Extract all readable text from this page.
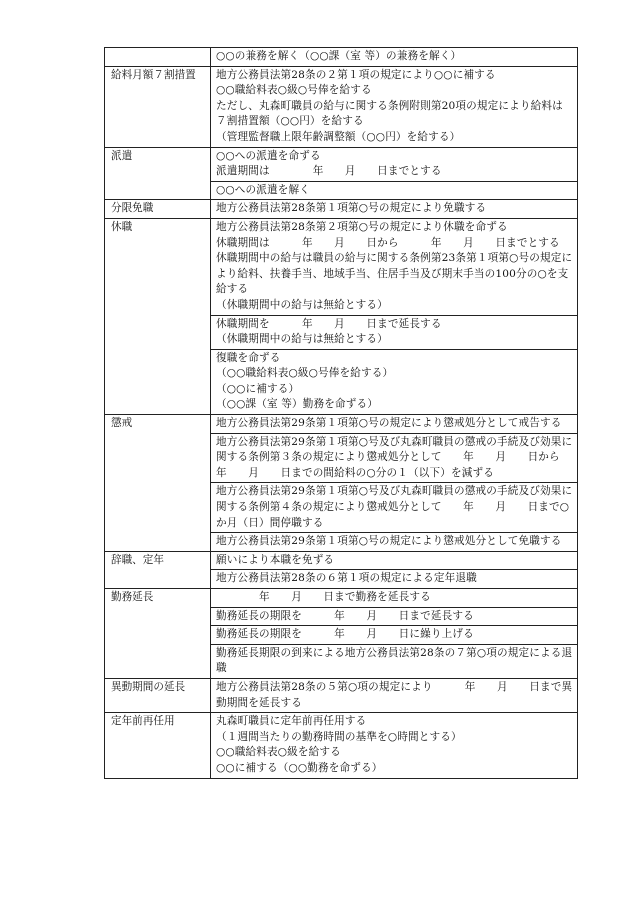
	○○の兼務を解く（○○課（室 等）の兼務を解く）

給料月額７割措置	地方公務員法第28条の２第１項の規定により○○に補する
○○職給料表○級○号俸を給する
ただし、丸森町職員の給与に関する条例附則第20項の規定により給料は７割措置額（○○円）を給する
（管理監督職上限年齢調整額（○○円）を給する）

派遣	○○への派遣を命ずる
派遣期間は　　　　年　　月　　日までとする

	○○への派遣を解く

分限免職	地方公務員法第28条第１項第○号の規定により免職する

休職	地方公務員法第28条第２項第○号の規定により休職を命ずる
休職期間は　　　年　　月　　日から　　　年　　月　　日までとする
休職期間中の給与は職員の給与に関する条例第23条第１項第○号の規定により給料、扶養手当、地域手当、住居手当及び期末手当の100分の○を支給する
（休職期間中の給与は無給とする）

	休職期間を　　　年　　月　　日まで延長する
（休職期間中の給与は無給とする）

	復職を命ずる
（○○職給料表○級○号俸を給する）
（○○に補する）
（○○課（室 等）勤務を命ずる）

懲戒	地方公務員法第29条第１項第○号の規定により懲戒処分として戒告する

	地方公務員法第29条第１項第○号及び丸森町職員の懲戒の手続及び効果に関する条例第３条の規定により懲戒処分として　　年　　月　　日から　　年　　月　　日までの間給料の○分の１（以下）を減ずる

	地方公務員法第29条第１項第○号及び丸森町職員の懲戒の手続及び効果に関する条例第４条の規定により懲戒処分として　　年　　月　　日まで○か月（日）間停職する

	地方公務員法第29条第１項第○号の規定により懲戒処分として免職する

辞職、定年	願いにより本職を免ずる

	地方公務員法第28条の６第１項の規定による定年退職

勤務延長	　　　　年　　月　　日まで勤務を延長する

	勤務延長の期限を　　　年　　月　　日まで延長する

	勤務延長の期限を　　　年　　月　　日に繰り上げる

	勤務延長期限の到来による地方公務員法第28条の７第○項の規定による退職

異動期間の延長	地方公務員法第28条の５第○項の規定により　　　年　　月　　日まで異動期間を延長する

定年前再任用	丸森町職員に定年前再任用する
（１週間当たりの勤務時間の基準を○時間とする）
○○職給料表○級を給する
○○に補する（○○勤務を命ずる）
